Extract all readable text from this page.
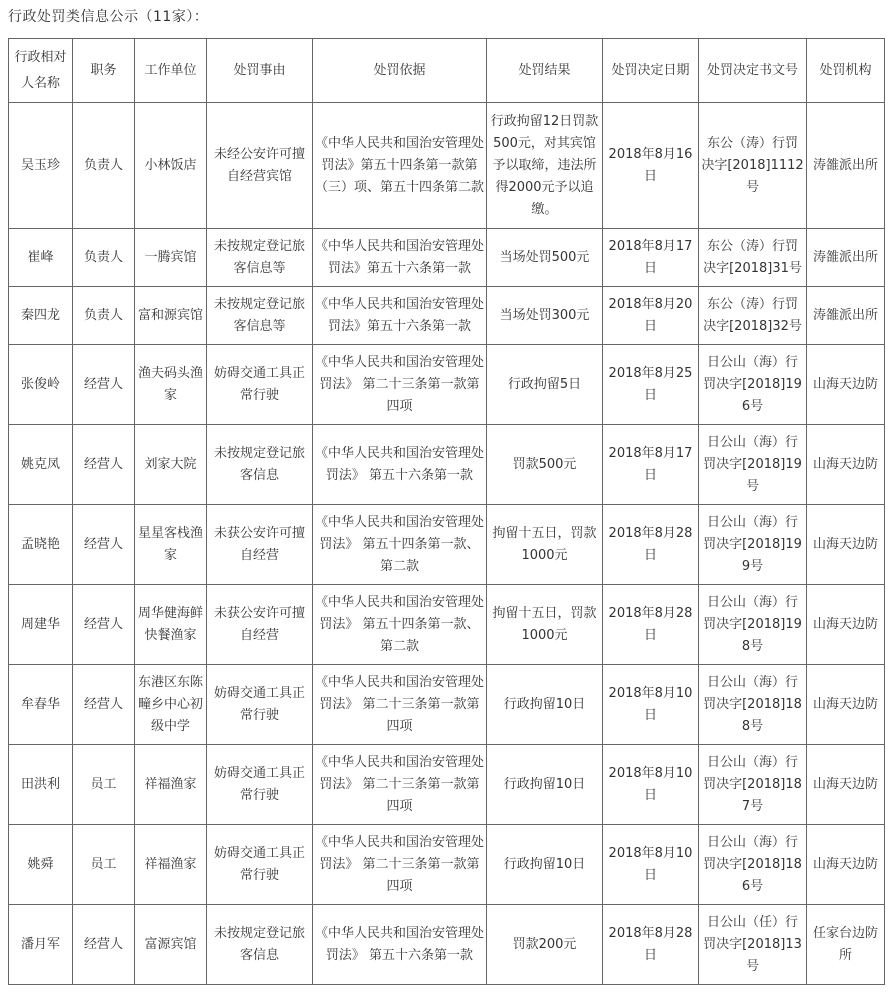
行政处罚类信息公示（11家）：
行政相对人名称	职务	工作单位	处罚事由	处罚依据	处罚结果	处罚决定日期	处罚决定书文号	处罚机构
吴玉珍	负责人	小林饭店	未经公安许可擅自经营宾馆	《中华人民共和国治安管理处罚法》第五十四条第一款第（三）项、第五十四条第二款	行政拘留12日罚款500元，对其宾馆予以取缔，违法所得2000元予以追缴。	2018年8月16日	东公（涛）行罚决字[2018]1112号	涛雒派出所
崔峰	负责人	一腾宾馆	未按规定登记旅客信息等	《中华人民共和国治安管理处罚法》第五十六条第一款	当场处罚500元	2018年8月17日	东公（涛）行罚决字[2018]31号	涛雒派出所
秦四龙	负责人	富和源宾馆	未按规定登记旅客信息等	《中华人民共和国治安管理处罚法》第五十六条第一款	当场处罚300元	2018年8月20日	东公（涛）行罚决字[2018]32号	涛雒派出所
张俊岭	经营人	渔夫码头渔家	妨碍交通工具正常行驶	《中华人民共和国治安管理处罚法》 第二十三条第一款第四项	行政拘留5日	2018年8月25日	日公山（海）行罚决字[2018]196号	山海天边防
姚克凤	经营人	刘家大院	未按规定登记旅客信息	《中华人民共和国治安管理处罚法》 第五十六条第一款	罚款500元	2018年8月17日	日公山（海）行罚决字[2018]19号	山海天边防
孟晓艳	经营人	星星客栈渔家	未获公安许可擅自经营	《中华人民共和国治安管理处罚法》 第五十四条第一款、第二款	拘留十五日，罚款1000元	2018年8月28日	日公山（海）行罚决字[2018]199号	山海天边防
周建华	经营人	周华健海鲜快餐渔家	未获公安许可擅自经营	《中华人民共和国治安管理处罚法》 第五十四条第一款、第二款	拘留十五日，罚款1000元	2018年8月28日	日公山（海）行罚决字[2018]198号	山海天边防
牟春华	经营人	东港区东陈疃乡中心初级中学	妨碍交通工具正常行驶	《中华人民共和国治安管理处罚法》 第二十三条第一款第四项	行政拘留10日	2018年8月10日	日公山（海）行罚决字[2018]188号	山海天边防
田洪利	员工	祥福渔家	妨碍交通工具正常行驶	《中华人民共和国治安管理处罚法》 第二十三条第一款第四项	行政拘留10日	2018年8月10日	日公山（海）行罚决字[2018]187号	山海天边防
姚舜	员工	祥福渔家	妨碍交通工具正常行驶	《中华人民共和国治安管理处罚法》 第二十三条第一款第四项	行政拘留10日	2018年8月10日	日公山（海）行罚决字[2018]186号	山海天边防
潘月军	经营人	富源宾馆	未按规定登记旅客信息	《中华人民共和国治安管理处罚法》 第五十六条第一款	罚款200元	2018年8月28日	日公山（任）行罚决字[2018]13号	任家台边防所
